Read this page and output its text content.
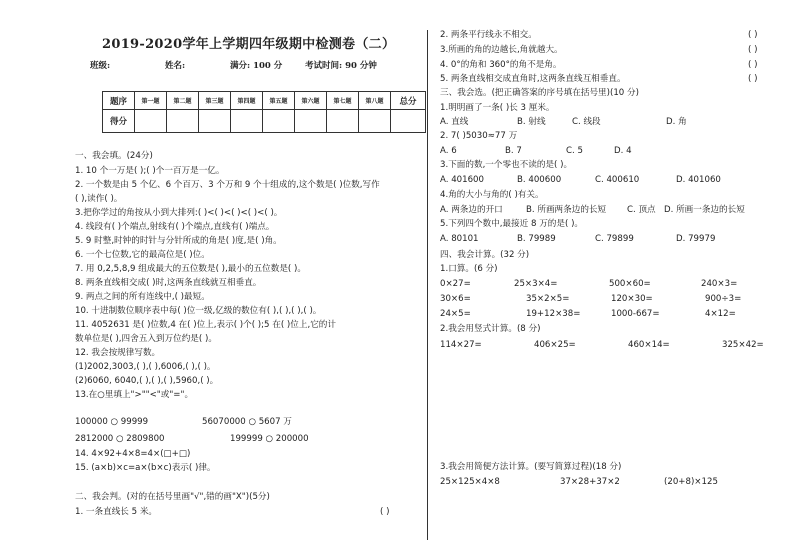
2019-2020学年上学期四年级期中检测卷（二）
班级:	姓名:	满分: 100 分	考试时间: 90 分钟
题序	第一题	第二题	第三题	第四题	第五题	第六题	第七题	第八题	总分
得分									
一、我会填。(24分)
1. 10 个一万是( );( )个一百万是一亿。
2. 一个数是由 5 个亿、6 个百万、3 个万和 9 个十组成的,这个数是( )位数,写作
( ),读作( )。
3.把你学过的角按从小到大排列:( )<( )<( )<( )<( )。
4. 线段有( )个端点,射线有( )个端点,直线有( )端点。
5. 9 时整,时钟的时针与分针所成的角是( )度,是( )角。
6. 一个七位数,它的最高位是( )位。
7. 用 0,2,5,8,9 组成最大的五位数是( ),最小的五位数是( )。
8. 两条直线相交成( )时,这两条直线就互相垂直。
9. 两点之间的所有连线中,( )最短。
10. 十进制数位顺序表中每( )位一级,亿级的数位有( ),( ),( ),( )。
11. 4052631 是( )位数,4 在( )位上,表示( )个( );5 在( )位上,它的计
数单位是( ),四舍五入到万位约是( )。
12. 我会按规律写数。
(1)2002,3003,( ),( ),6006,( ),( )。
(2)6060, 6040,( ),( ),( ),5960,( )。
13.在○里填上">""<"或"="。
100000 ○ 99999	56070000 ○ 5607 万
2812000 ○ 2809800	199999 ○ 200000
14. 4×92+4×8=4×(□+□)
15. (a×b)×c=a×(b×c)表示( )律。
二、我会判。(对的在括号里画"√",错的画"X")(5分)
1. 一条直线长 5 米。	( )
2. 两条平行线永不相交。	( )
3.所画的角的边越长,角就越大。	( )
4. 0°的角和 360°的角不是角。	( )
5. 两条直线相交成直角时,这两条直线互相垂直。	( )
三、我会选。(把正确答案的序号填在括号里)(10 分)
1.明明画了一条( )长 3 厘米。
A. 直线	B. 射线	C. 线段	D. 角
2. 7( )5030≈77 万
A. 6	B. 7	C. 5	D. 4
3.下面的数,一个零也不读的是( )。
A. 401600	B. 400600	C. 400610	D. 401060
4.角的大小与角的( )有关。
A. 两条边的开口	B. 所画两条边的长短 C. 顶点 D. 所画一条边的长短
5.下列四个数中,最接近 8 万的是( )。
A. 80101	B. 79989	C. 79899	D. 79979
四、我会计算。(32 分)
1.口算。(6 分)
0×27=	25×3×4=	500×60=	240×3=
30×6=	35×2×5=	120×30=	900÷3=
24×5=	19+12×38=	1000-667=	4×12=
2.我会用竖式计算。(8 分)
114×27=	406×25=	460×14=	325×42=
3.我会用简便方法计算。(要写简算过程)(18 分)
25×125×4×8	37×28+37×2	(20+8)×125
